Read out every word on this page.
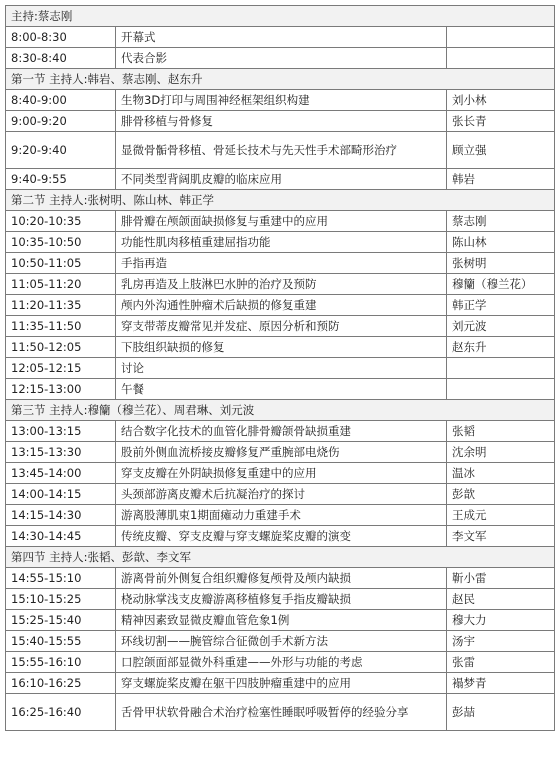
主持:蔡志刚		
8:00-8:30	开幕式	
8:30-8:40	代表合影	
第一节 主持人:韩岩、蔡志刚、赵东升		
8:40-9:00	生物3D打印与周围神经框架组织构建	刘小林
9:00-9:20	腓骨移植与骨修复	张长青
9:20-9:40	显微骨骺骨移植、骨延长技术与先天性手术部畸形治疗	顾立强
9:40-9:55	不同类型背阔肌皮瓣的临床应用	韩岩
第二节 主持人:张树明、陈山林、韩正学		
10:20-10:35	腓骨瓣在颅颌面缺损修复与重建中的应用	蔡志刚
10:35-10:50	功能性肌肉移植重建屈指功能	陈山林
10:50-11:05	手指再造	张树明
11:05-11:20	乳房再造及上肢淋巴水肿的治疗及预防	穆籣（穆兰花）
11:20-11:35	颅内外沟通性肿瘤术后缺损的修复重建	韩正学
11:35-11:50	穿支带蒂皮瓣常见并发症、原因分析和预防	刘元波
11:50-12:05	下肢组织缺损的修复	赵东升
12:05-12:15	讨论	
12:15-13:00	午餐	
第三节 主持人:穆籣（穆兰花）、周君琳、刘元波		
13:00-13:15	结合数字化技术的血管化腓骨瓣颌骨缺损重建	张韬
13:15-13:30	股前外侧血流桥接皮瓣修复严重腕部电烧伤	沈余明
13:45-14:00	穿支皮瓣在外阴缺损修复重建中的应用	温冰
14:00-14:15	头颈部游离皮瓣术后抗凝治疗的探讨	彭歆
14:15-14:30	游离股薄肌束1期面瘫动力重建手术	王成元
14:30-14:45	传统皮瓣、穿支皮瓣与穿支螺旋桨皮瓣的演变	李文军
第四节 主持人:张韬、彭歆、李文军		
14:55-15:10	游离骨前外侧复合组织瓣修复颅骨及颅内缺损	靳小雷
15:10-15:25	桡动脉掌浅支皮瓣游离移植修复手指皮瓣缺损	赵民
15:25-15:40	精神因素致显微皮瓣血管危象1例	穆大力
15:40-15:55	环线切割——腕管综合征微创手术新方法	汤宇
15:55-16:10	口腔颌面部显微外科重建——外形与功能的考虑	张雷
16:10-16:25	穿支螺旋桨皮瓣在躯干四肢肿瘤重建中的应用	褟梦青
16:25-16:40	舌骨甲状软骨融合术治疗检塞性睡眠呼吸暂停的经验分享	彭喆
